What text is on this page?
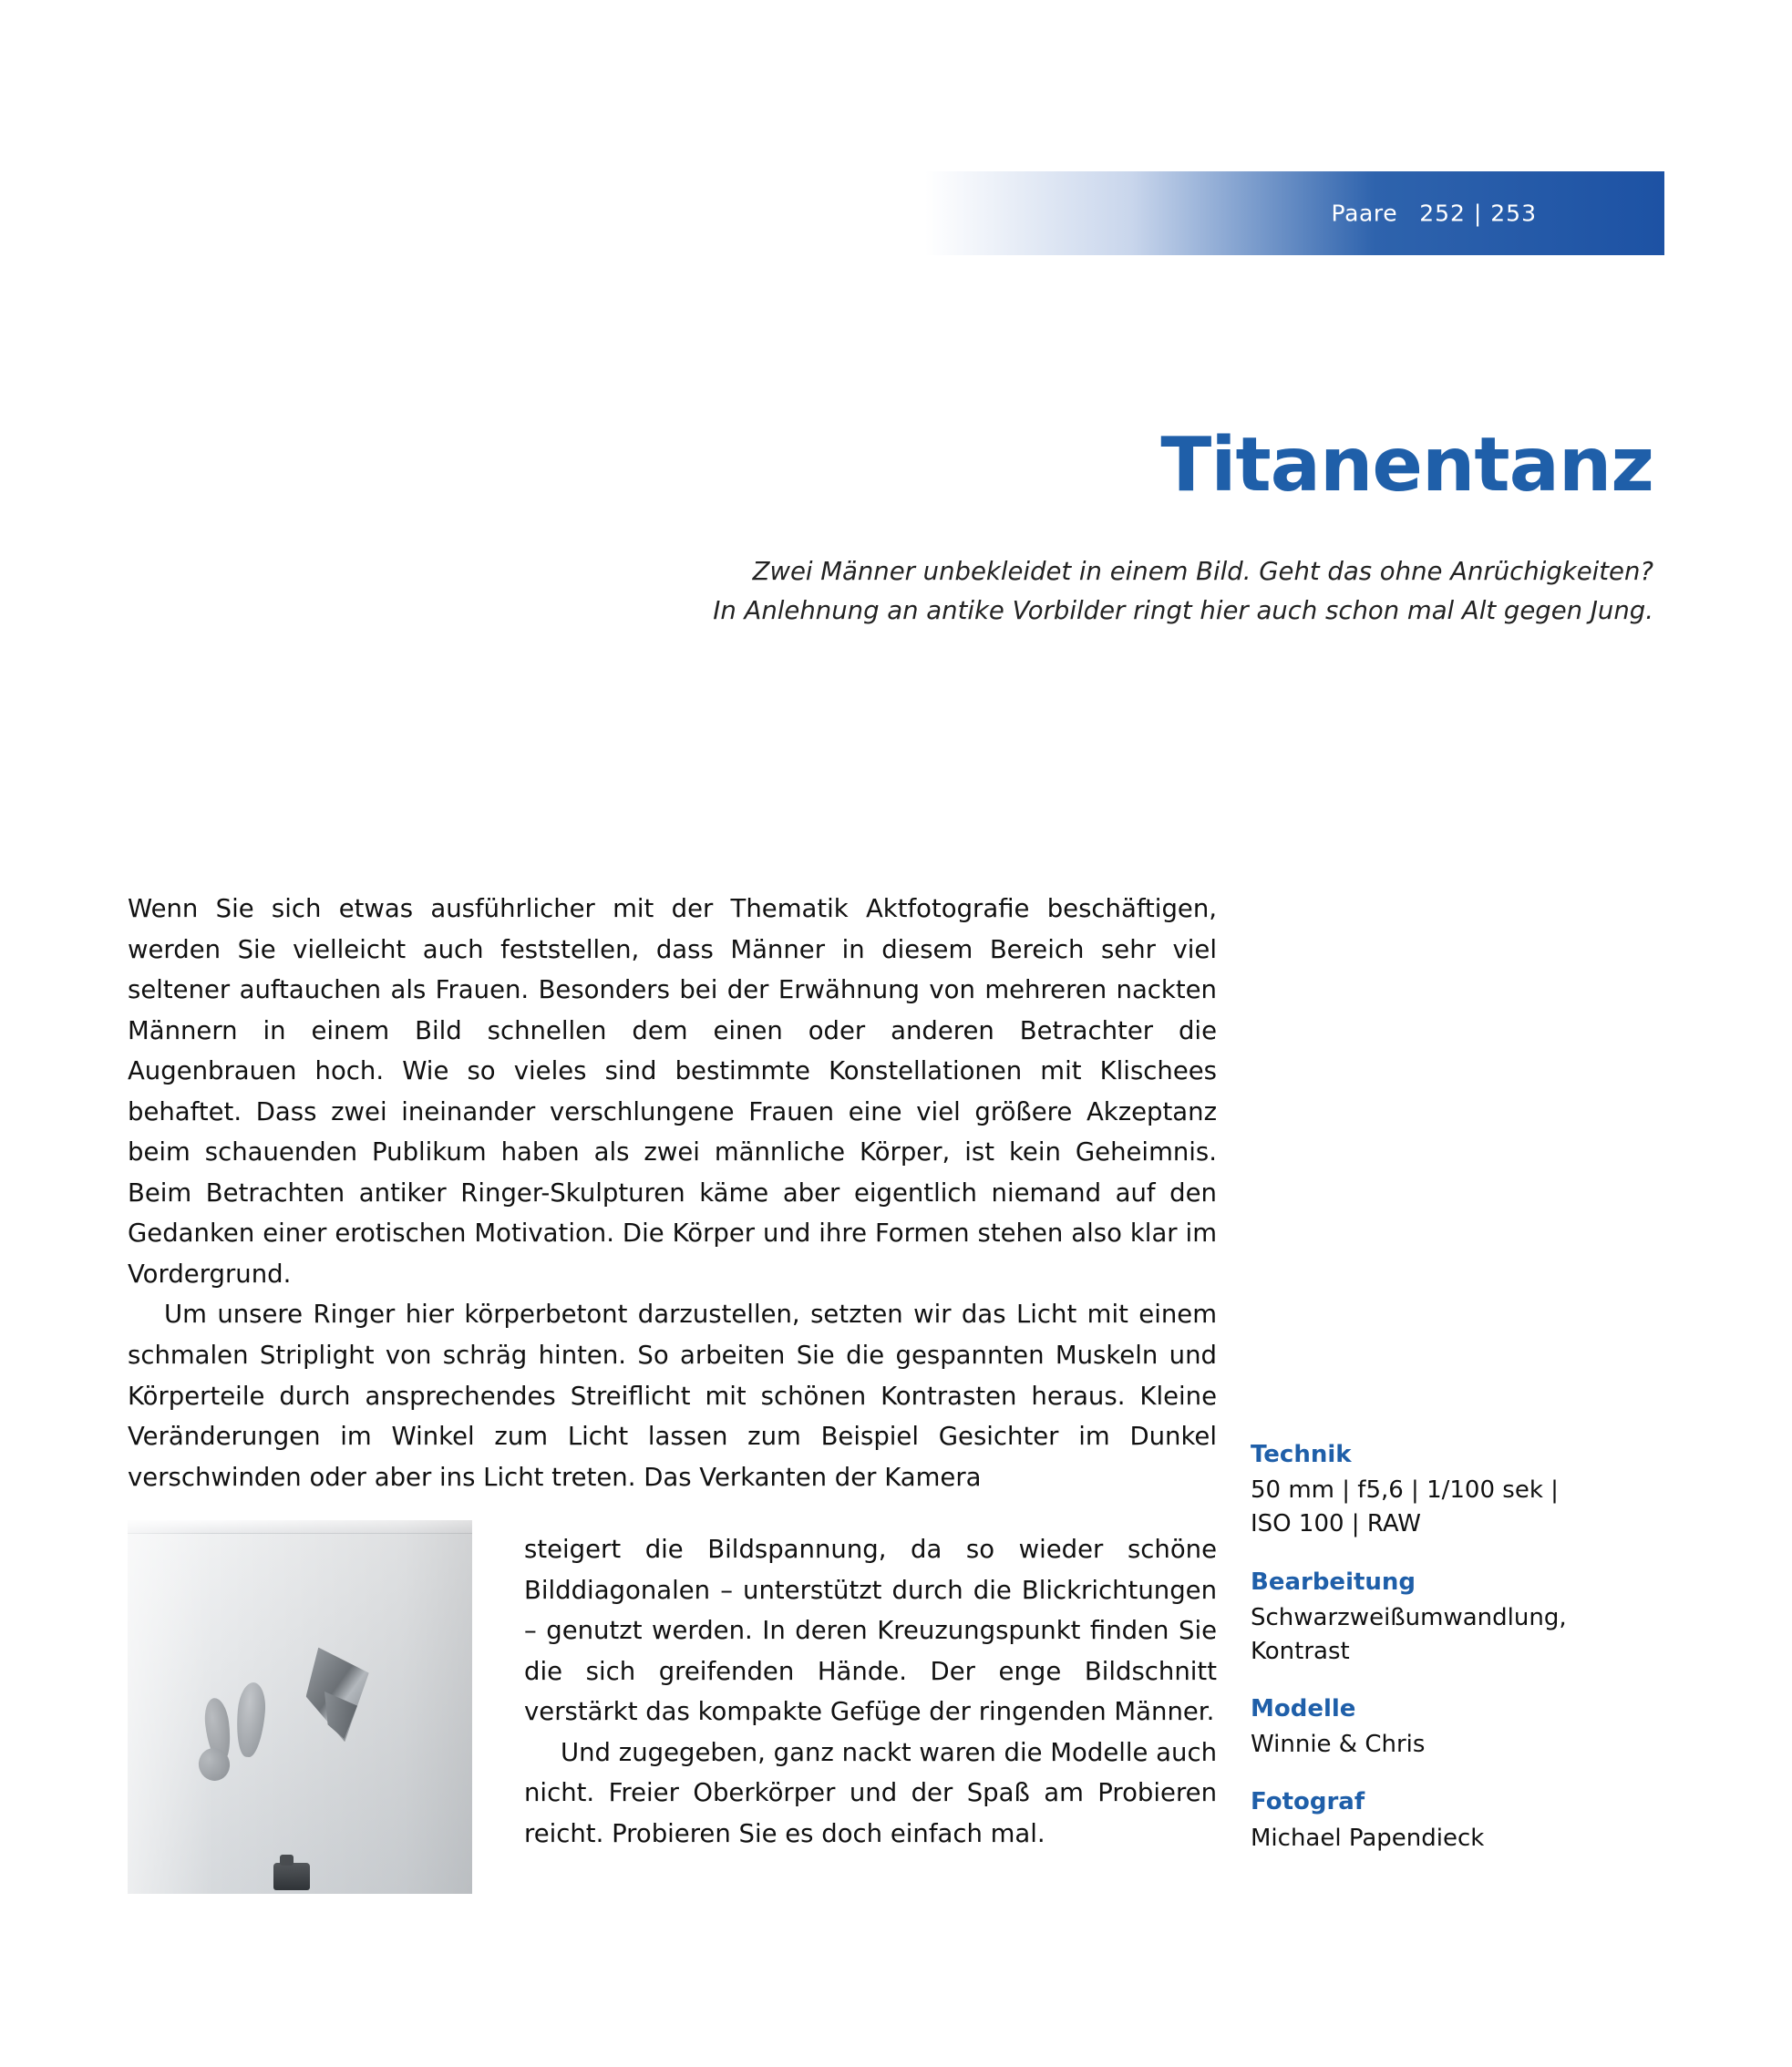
Paare 252 | 253
Titanentanz
Zwei Männer unbekleidet in einem Bild. Geht das ohne Anrüchigkeiten?
In Anlehnung an antike Vorbilder ringt hier auch schon mal Alt gegen Jung.

Wenn Sie sich etwas ausführlicher mit der Thematik Aktfotografie beschäftigen, werden Sie vielleicht auch feststellen, dass Männer in diesem Bereich sehr viel seltener auftauchen als Frauen. Besonders bei der Erwähnung von mehreren nackten Männern in einem Bild schnellen dem einen oder anderen Betrachter die Augenbrauen hoch. Wie so vieles sind bestimmte Konstellationen mit Klischees behaftet. Dass zwei ineinander verschlungene Frauen eine viel größere Akzeptanz beim schauenden Publikum haben als zwei männliche Körper, ist kein Geheimnis. Beim Betrachten antiker Ringer-Skulpturen käme aber eigentlich niemand auf den Gedanken einer erotischen Motivation. Die Körper und ihre Formen stehen also klar im Vordergrund.

Um unsere Ringer hier körperbetont darzustellen, setzten wir das Licht mit einem schmalen Striplight von schräg hinten. So arbeiten Sie die gespannten Muskeln und Körperteile durch ansprechendes Streiflicht mit schönen Kontrasten heraus. Kleine Veränderungen im Winkel zum Licht lassen zum Beispiel Gesichter im Dunkel verschwinden oder aber ins Licht treten. Das Verkanten der Kamera

steigert die Bildspannung, da so wieder schöne Bilddiagonalen – unterstützt durch die Blickrichtungen – genutzt werden. In deren Kreuzungspunkt finden Sie die sich greifenden Hände. Der enge Bildschnitt verstärkt das kompakte Gefüge der ringenden Männer.

Und zugegeben, ganz nackt waren die Modelle auch nicht. Freier Oberkörper und der Spaß am Probieren reicht. Probieren Sie es doch einfach mal.

Technik
50 mm | f5,6 | 1/100 sek | ISO 100 | RAW
Bearbeitung
Schwarzweißumwandlung, Kontrast
Modelle
Winnie & Chris
Fotograf
Michael Papendieck
